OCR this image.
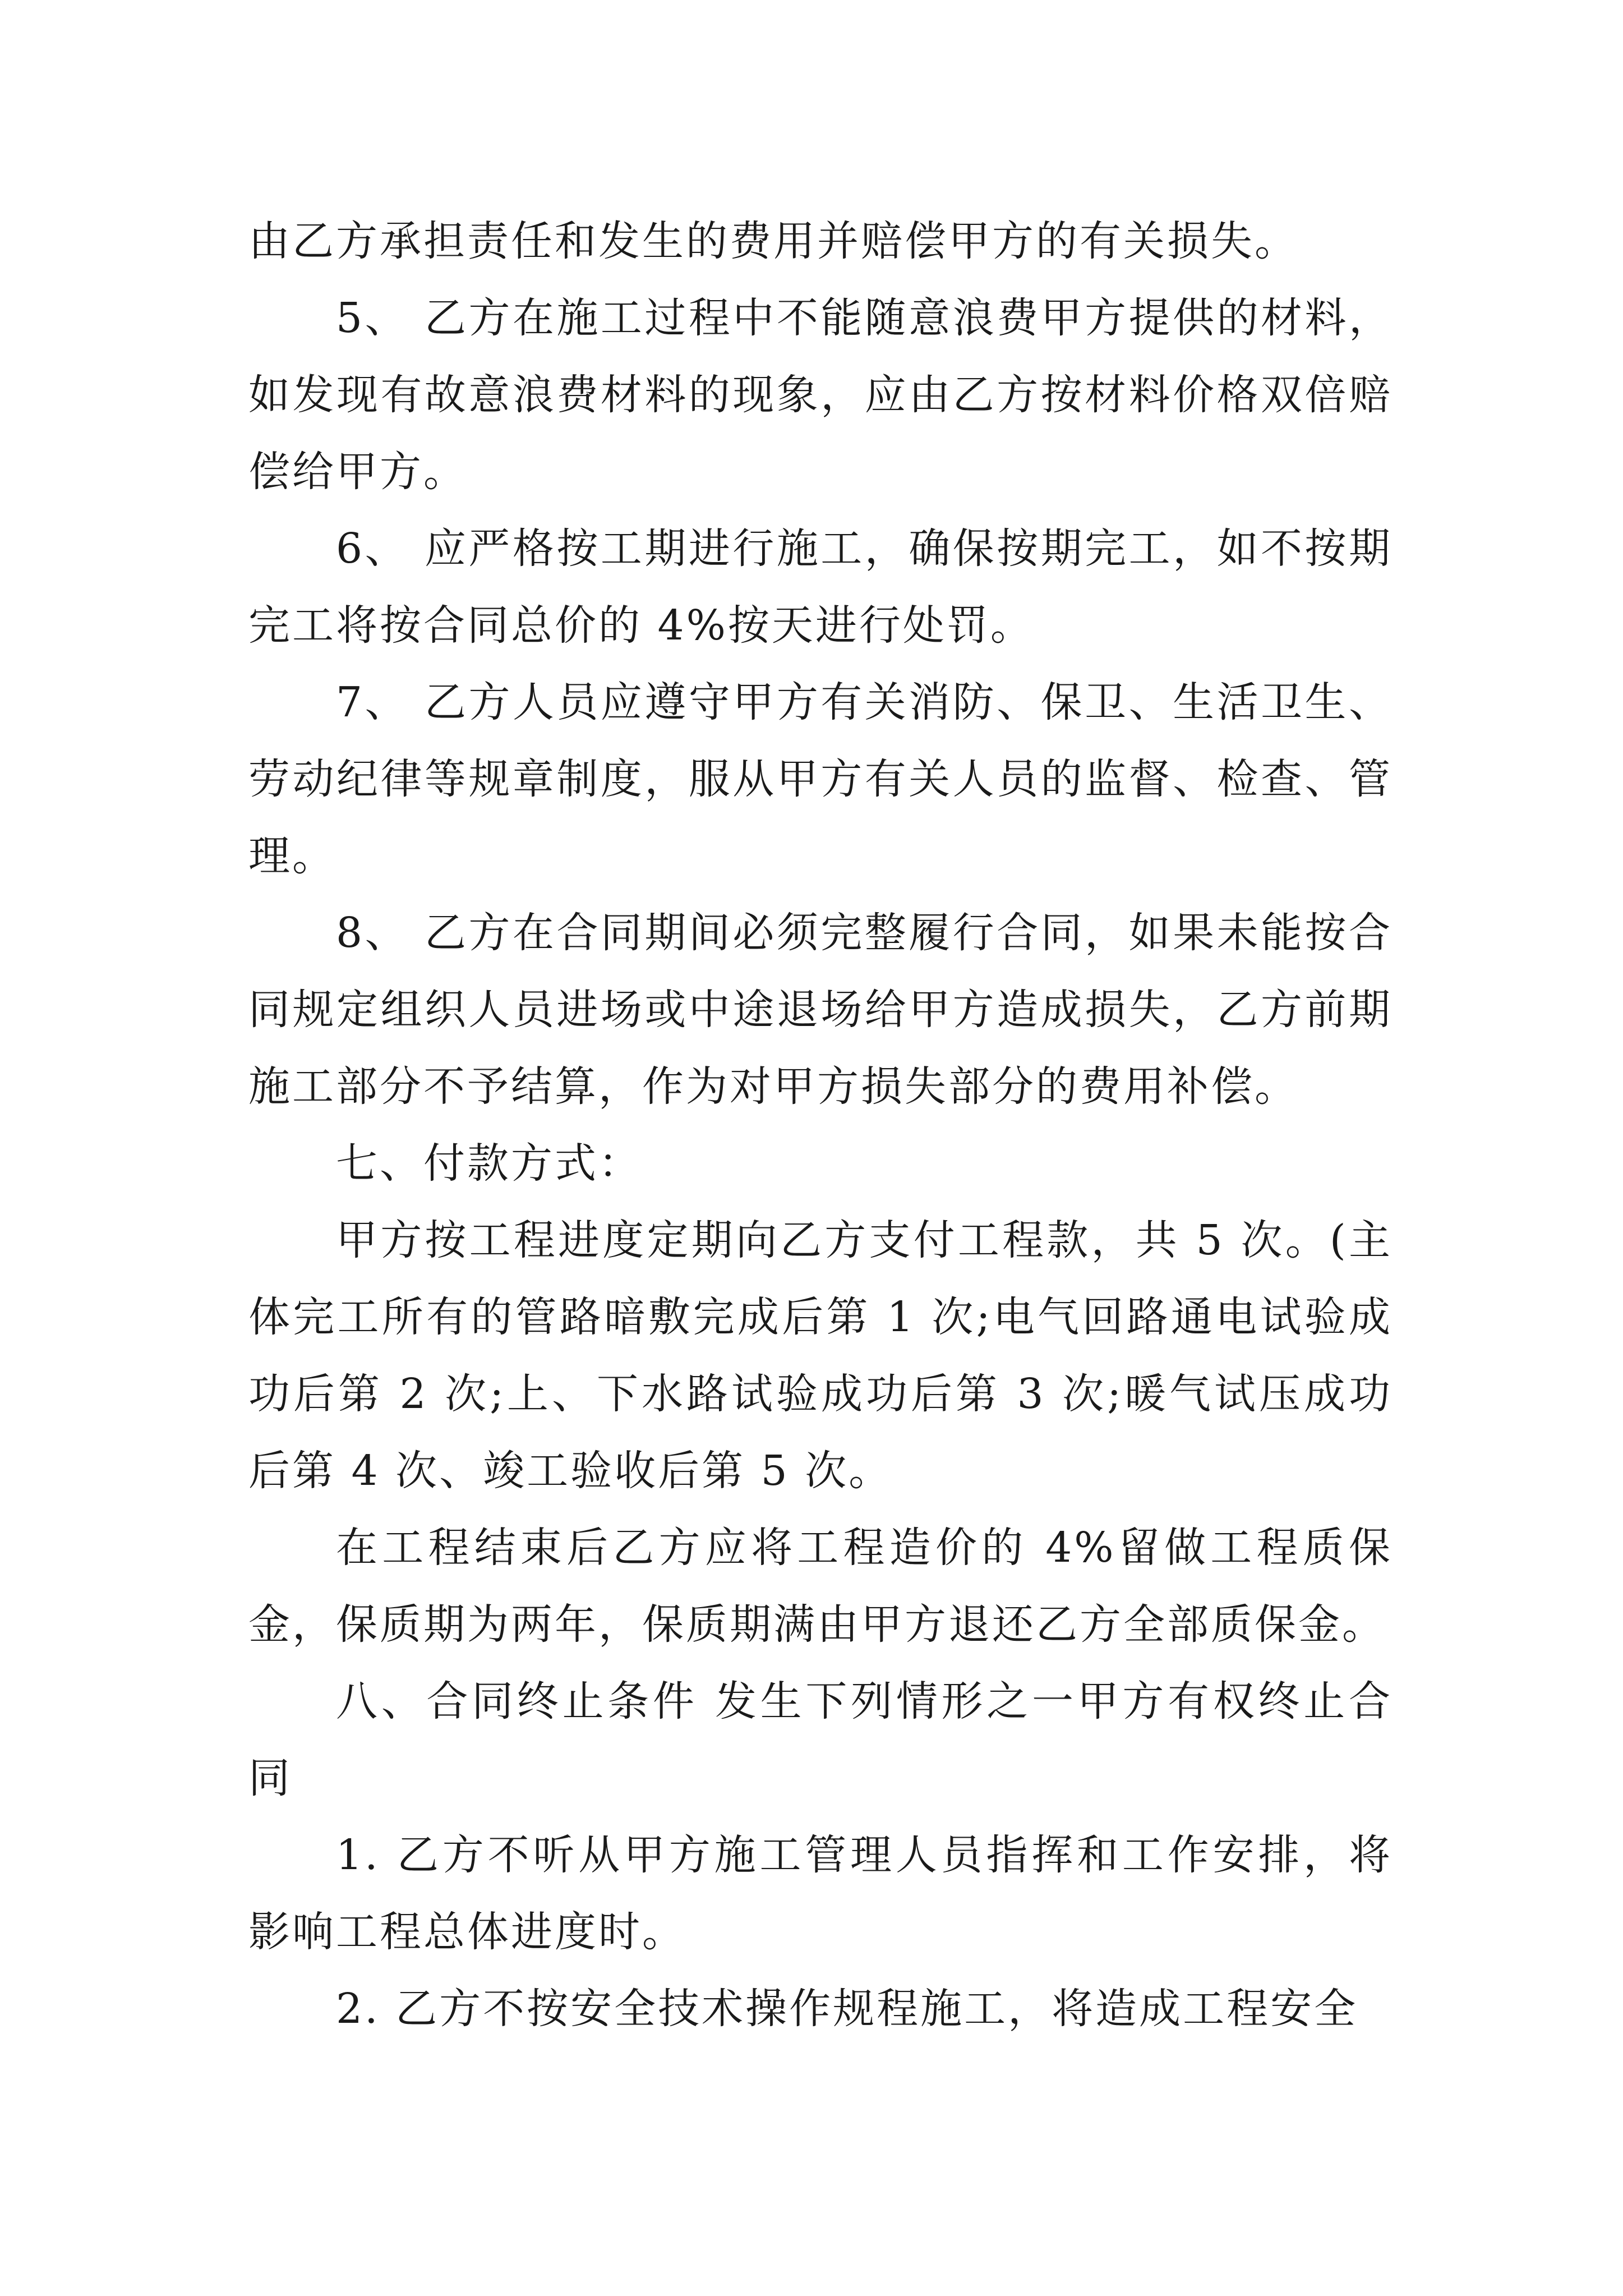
由乙方承担责任和发生的费用并赔偿甲方的有关损失。

5、 乙方在施工过程中不能随意浪费甲方提供的材料，如发现有故意浪费材料的现象，应由乙方按材料价格双倍赔偿给甲方。

6、 应严格按工期进行施工，确保按期完工，如不按期完工将按合同总价的 4%按天进行处罚。

7、 乙方人员应遵守甲方有关消防、保卫、生活卫生、劳动纪律等规章制度，服从甲方有关人员的监督、检查、管理。

8、 乙方在合同期间必须完整履行合同，如果未能按合同规定组织人员进场或中途退场给甲方造成损失，乙方前期施工部分不予结算，作为对甲方损失部分的费用补偿。

七、付款方式：

甲方按工程进度定期向乙方支付工程款，共 5 次。(主体完工所有的管路暗敷完成后第 1 次;电气回路通电试验成功后第 2 次;上、下水路试验成功后第 3 次;暖气试压成功后第 4 次、竣工验收后第 5 次。

在工程结束后乙方应将工程造价的 4%留做工程质保金，保质期为两年，保质期满由甲方退还乙方全部质保金。

八、合同终止条件 发生下列情形之一甲方有权终止合同

1. 乙方不听从甲方施工管理人员指挥和工作安排，将影响工程总体进度时。

2. 乙方不按安全技术操作规程施工，将造成工程安全
